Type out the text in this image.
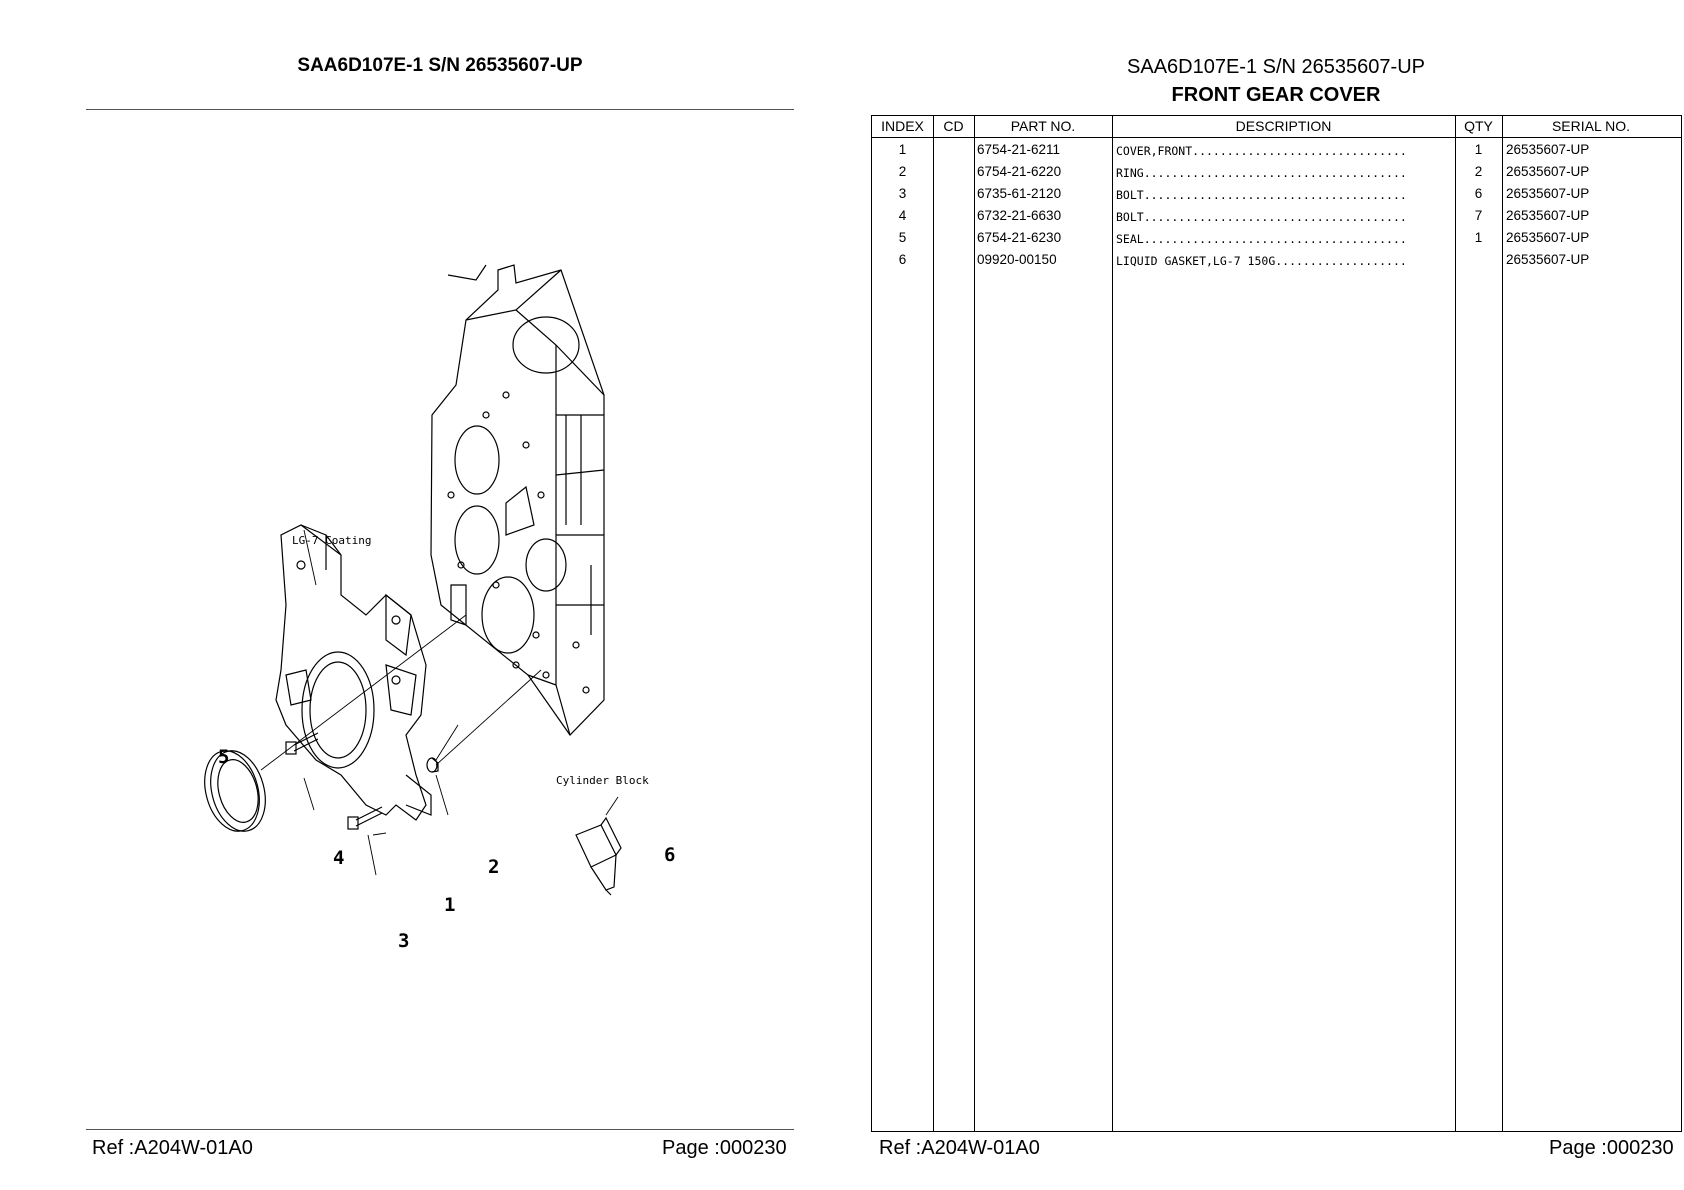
SAA6D107E-1 S/N 26535607-UP
LG-7 Coating
Cylinder Block
1
2
3
4
5
6
Ref :A204W-01A0	Page :000230
SAA6D107E-1 S/N 26535607-UP
FRONT GEAR COVER
INDEX	CD	PART NO.	DESCRIPTION	QTY	SERIAL NO.
1	6754-21-6211	COVER,FRONT...............................	1	26535607-UP
2	6754-21-6220	RING......................................	2	26535607-UP
3	6735-61-2120	BOLT......................................	6	26535607-UP
4	6732-21-6630	BOLT......................................	7	26535607-UP
5	6754-21-6230	SEAL......................................	1	26535607-UP
6	09920-00150	LIQUID GASKET,LG-7 150G...................	26535607-UP
Ref :A204W-01A0	Page :000230
